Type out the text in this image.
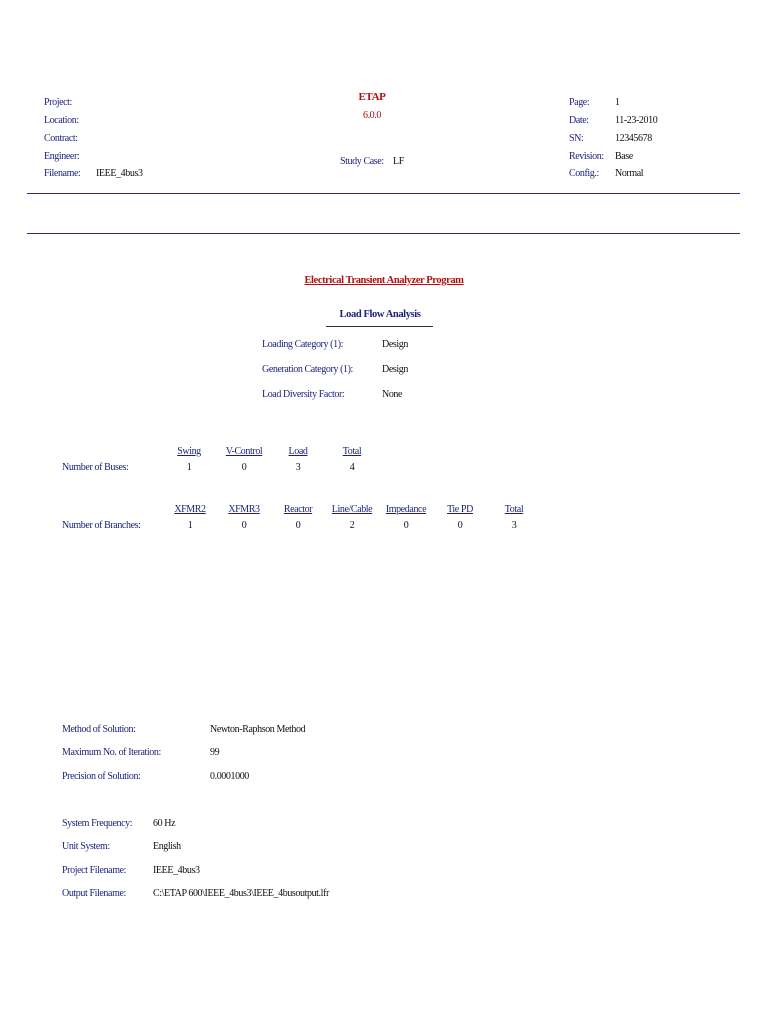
Project:
Location:
Contract:
Engineer:
Filename: IEEE_4bus3
ETAP
6.0.0
Study Case: LF
Page:	1
Date:	11-23-2010
SN:	12345678
Revision: Base
Config.: Normal
Electrical Transient Analyzer Program
Load Flow Analysis
Loading Category (1):	Design
Generation Category (1):	Design
Load Diversity Factor:	None
Swing	V-Control	Load	Total
Number of Buses:	1	0	3	4
XFMR2	XFMR3	Reactor	Line/Cable	Impedance	Tie PD	Total
Number of Branches:	1	0	0	2	0	0	3
Method of Solution:	Newton-Raphson Method
Maximum No. of Iteration:	99
Precision of Solution:	0.0001000
System Frequency: 60 Hz
Unit System:	English
Project Filename:	IEEE_4bus3
Output Filename:	C:\ETAP 600\IEEE_4bus3\IEEE_4busoutput.lfr
